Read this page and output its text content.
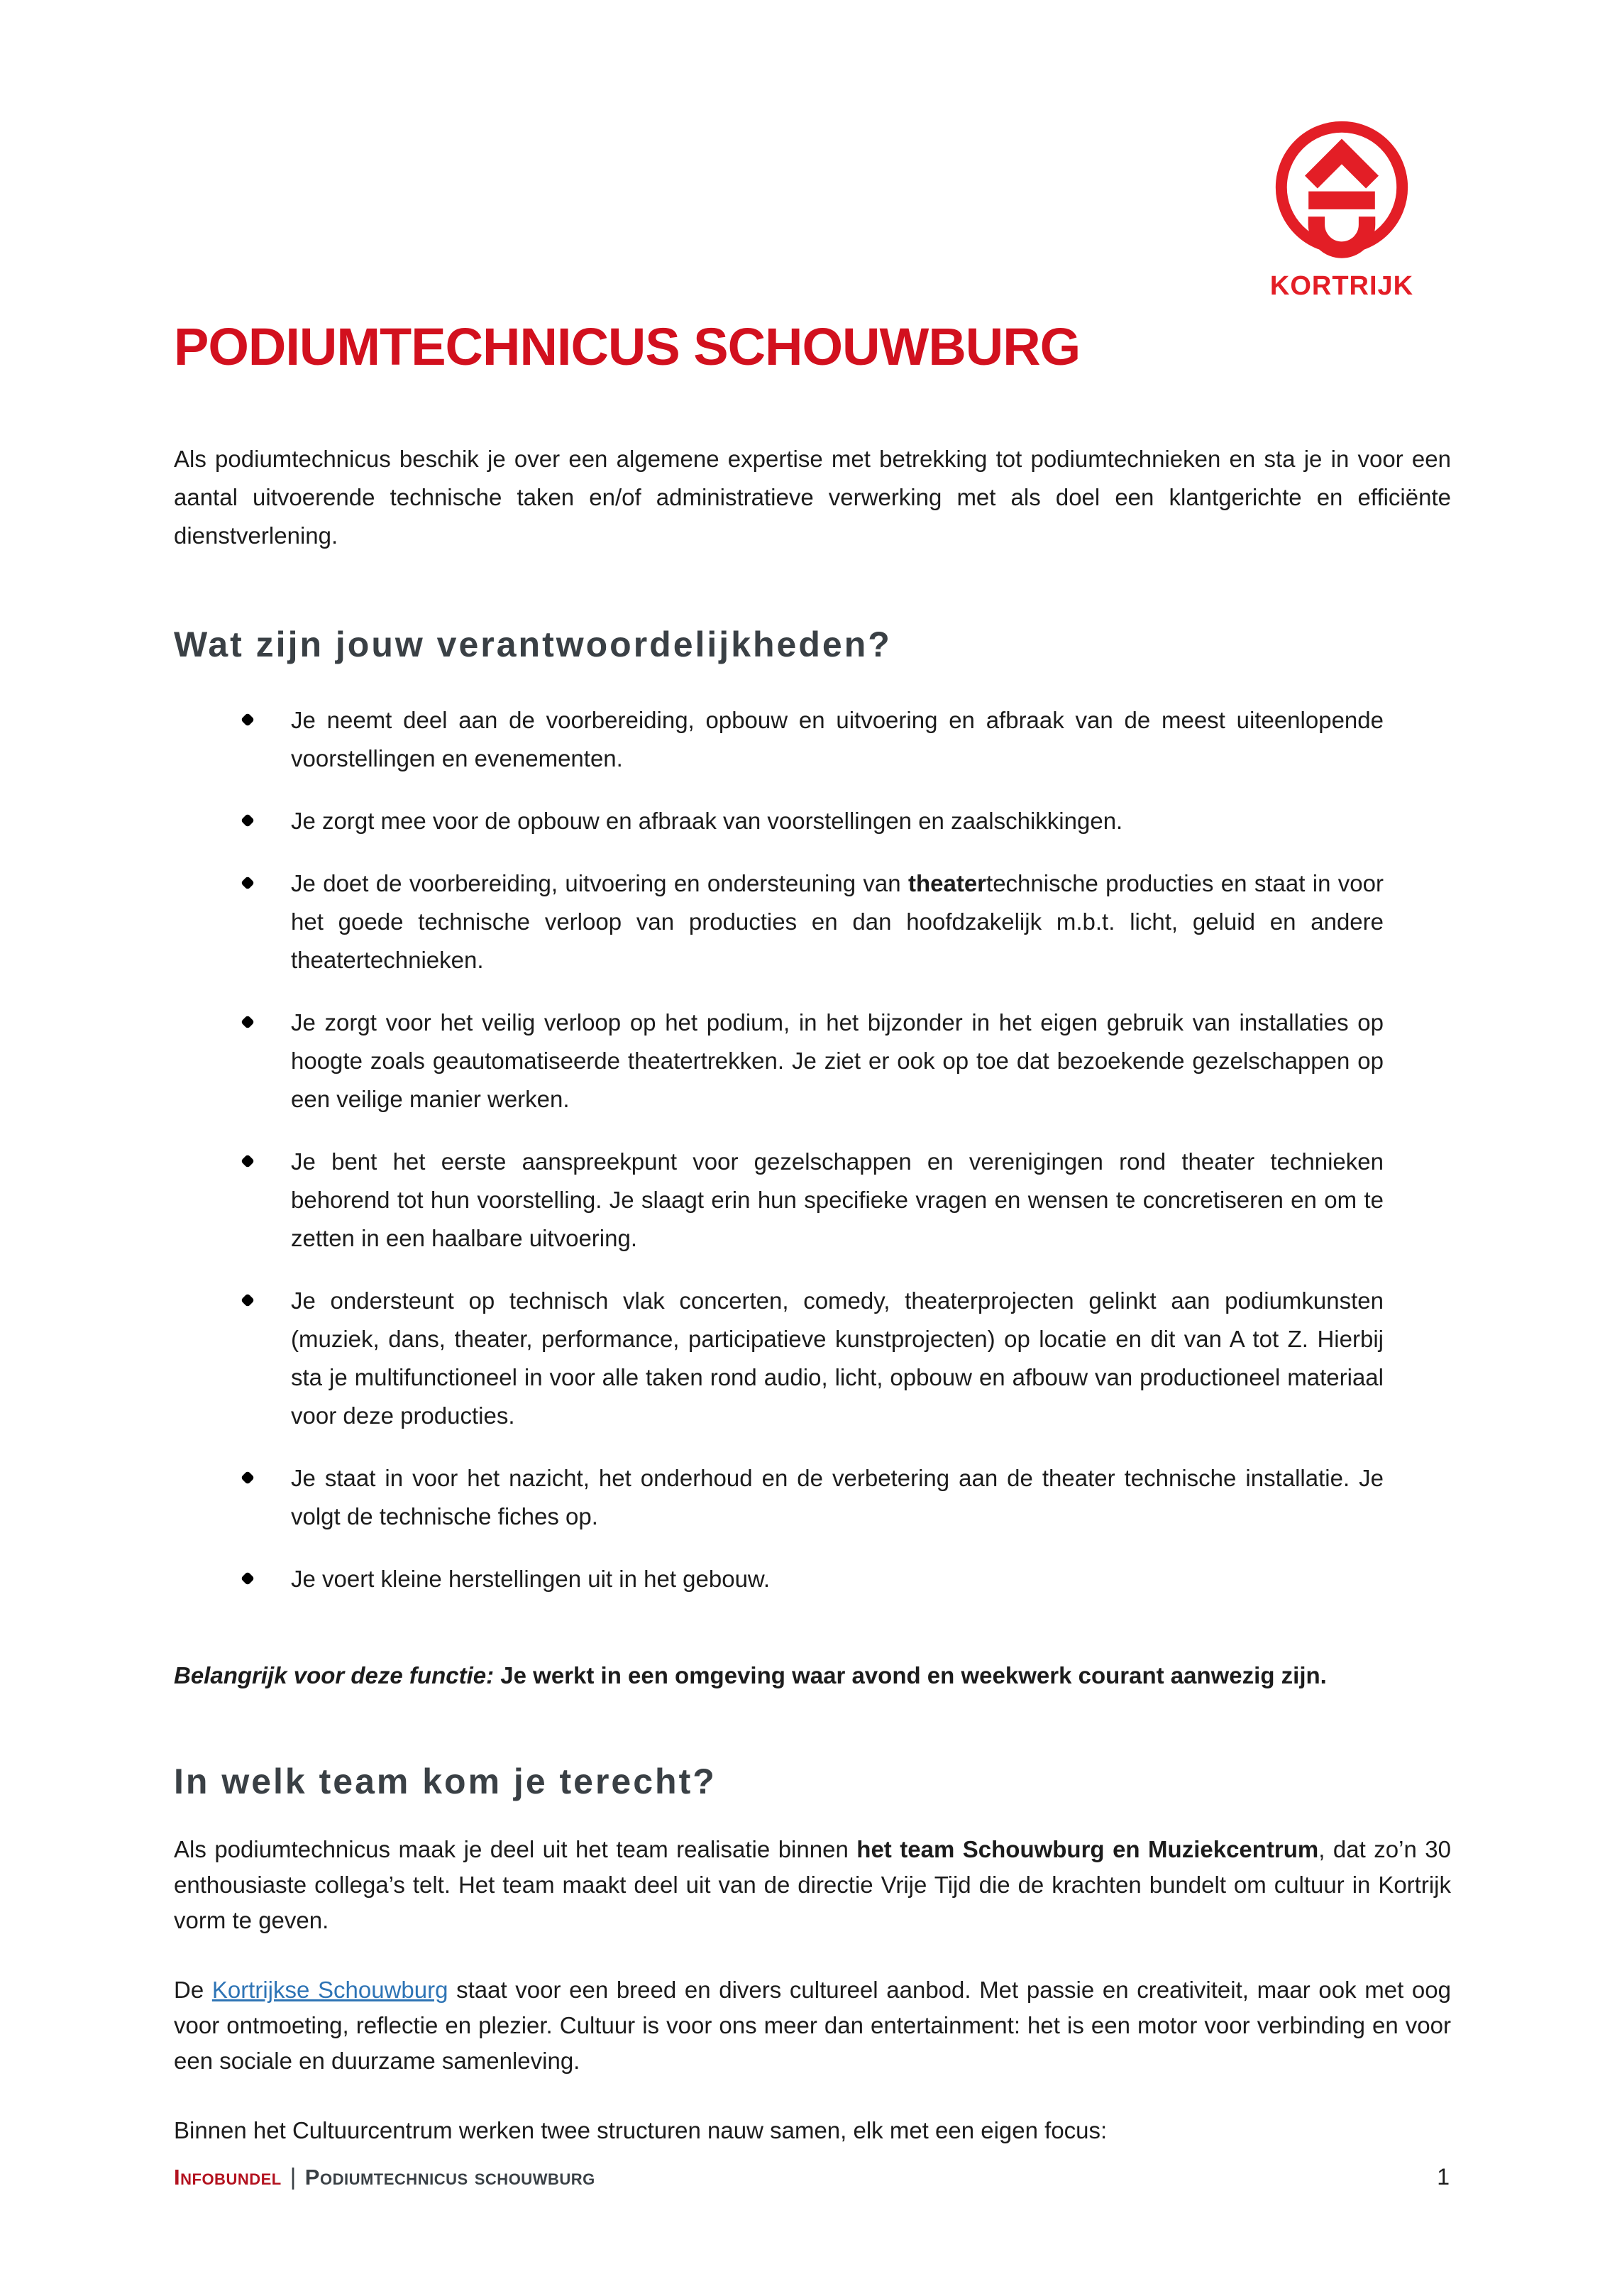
KORTRIJK
PODIUMTECHNICUS SCHOUWBURG

Als podiumtechnicus beschik je over een algemene expertise met betrekking tot podiumtechnieken en sta je in voor een aantal uitvoerende technische taken en/of administratieve verwerking met als doel een klantgerichte en efficiënte dienstverlening.

Wat zijn jouw verantwoordelijkheden?
Je neemt deel aan de voorbereiding, opbouw en uitvoering en afbraak van de meest uiteenlopende voorstellingen en evenementen.
Je zorgt mee voor de opbouw en afbraak van voorstellingen en zaalschikkingen.
Je doet de voorbereiding, uitvoering en ondersteuning van theatertechnische producties en staat in voor het goede technische verloop van producties en dan hoofdzakelijk m.b.t. licht, geluid en andere theatertechnieken.
Je zorgt voor het veilig verloop op het podium, in het bijzonder in het eigen gebruik van installaties op hoogte zoals geautomatiseerde theatertrekken. Je ziet er ook op toe dat bezoekende gezelschappen op een veilige manier werken.
Je bent het eerste aanspreekpunt voor gezelschappen en verenigingen rond theater technieken behorend tot hun voorstelling. Je slaagt erin hun specifieke vragen en wensen te concretiseren en om te zetten in een haalbare uitvoering.
Je ondersteunt op technisch vlak concerten, comedy, theaterprojecten gelinkt aan podiumkunsten (muziek, dans, theater, performance, participatieve kunstprojecten) op locatie en dit van A tot Z. Hierbij sta je multifunctioneel in voor alle taken rond audio, licht, opbouw en afbouw van productioneel materiaal voor deze producties.
Je staat in voor het nazicht, het onderhoud en de verbetering aan de theater technische installatie. Je volgt de technische fiches op.
Je voert kleine herstellingen uit in het gebouw.

Belangrijk voor deze functie: Je werkt in een omgeving waar avond en weekwerk courant aanwezig zijn.

In welk team kom je terecht?

Als podiumtechnicus maak je deel uit het team realisatie binnen het team Schouwburg en Muziekcentrum, dat zo’n 30 enthousiaste collega’s telt. Het team maakt deel uit van de directie Vrije Tijd die de krachten bundelt om cultuur in Kortrijk vorm te geven.

De Kortrijkse Schouwburg staat voor een breed en divers cultureel aanbod. Met passie en creativiteit, maar ook met oog voor ontmoeting, reflectie en plezier. Cultuur is voor ons meer dan entertainment: het is een motor voor verbinding en voor een sociale en duurzame samenleving.

Binnen het Cultuurcentrum werken twee structuren nauw samen, elk met een eigen focus:

Infobundel | Podiumtechnicus schouwburg	1
